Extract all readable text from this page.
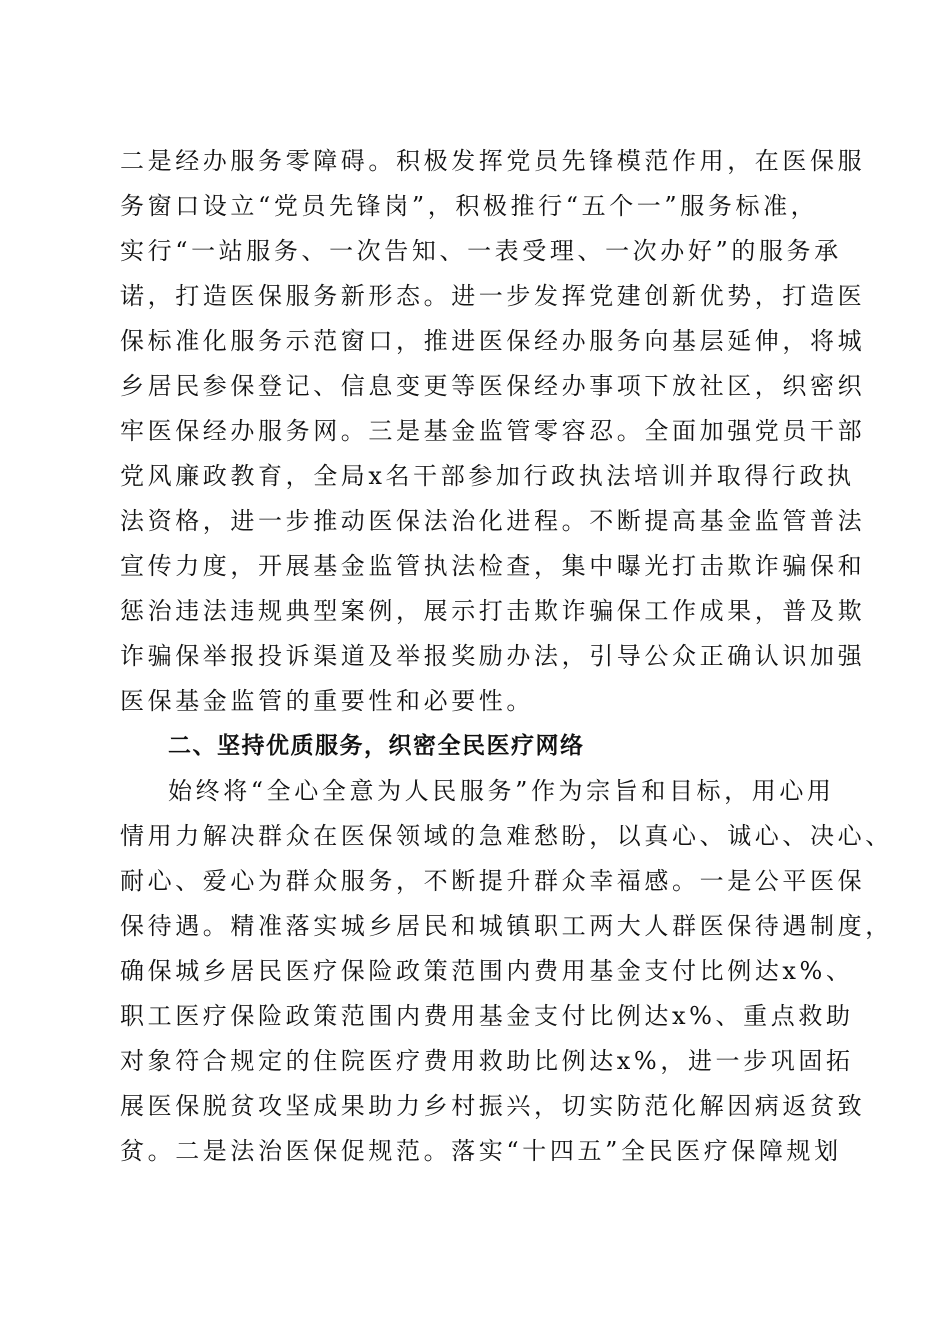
二是经办服务零障碍。积极发挥党员先锋模范作用，在医保服
务窗口设立“党员先锋岗”，积极推行“五个一”服务标准，
实行“一站服务、一次告知、一表受理、一次办好”的服务承
诺，打造医保服务新形态。进一步发挥党建创新优势，打造医
保标准化服务示范窗口，推进医保经办服务向基层延伸，将城
乡居民参保登记、信息变更等医保经办事项下放社区，织密织
牢医保经办服务网。三是基金监管零容忍。全面加强党员干部
党风廉政教育，全局x名干部参加行政执法培训并取得行政执
法资格，进一步推动医保法治化进程。不断提高基金监管普法
宣传力度，开展基金监管执法检查，集中曝光打击欺诈骗保和
惩治违法违规典型案例，展示打击欺诈骗保工作成果，普及欺
诈骗保举报投诉渠道及举报奖励办法，引导公众正确认识加强
医保基金监管的重要性和必要性。
二、坚持优质服务，织密全民医疗网络
始终将“全心全意为人民服务”作为宗旨和目标，用心用
情用力解决群众在医保领域的急难愁盼，以真心、诚心、决心、
耐心、爱心为群众服务，不断提升群众幸福感。一是公平医保
保待遇。精准落实城乡居民和城镇职工两大人群医保待遇制度，
确保城乡居民医疗保险政策范围内费用基金支付比例达x%、
职工医疗保险政策范围内费用基金支付比例达x%、重点救助
对象符合规定的住院医疗费用救助比例达x%，进一步巩固拓
展医保脱贫攻坚成果助力乡村振兴，切实防范化解因病返贫致
贫。二是法治医保促规范。落实“十四五”全民医疗保障规划
